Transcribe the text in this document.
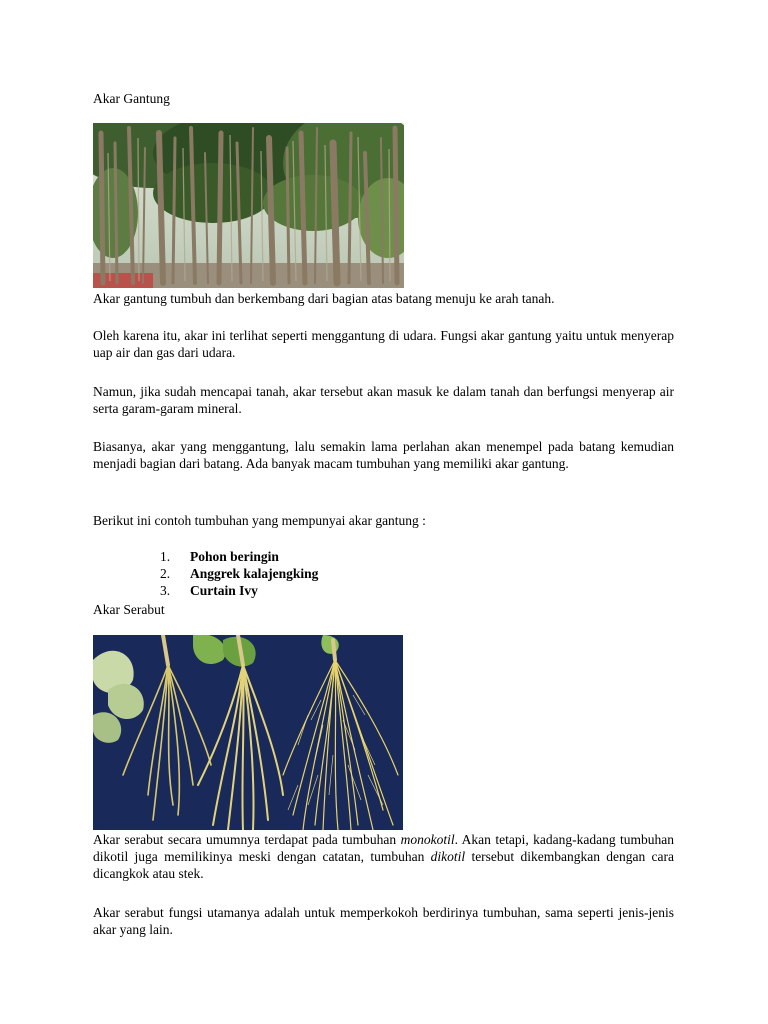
Akar Gantung
Akar gantung tumbuh dan berkembang dari bagian atas batang menuju ke arah tanah.
Oleh karena itu, akar ini terlihat seperti menggantung di udara. Fungsi akar gantung yaitu untuk menyerap uap air dan gas dari udara.
Namun, jika sudah mencapai tanah, akar tersebut akan masuk ke dalam tanah dan berfungsi menyerap air serta garam-garam mineral.
Biasanya, akar yang menggantung, lalu semakin lama perlahan akan menempel pada batang kemudian menjadi bagian dari batang. Ada banyak macam tumbuhan yang memiliki akar gantung.
Berikut ini contoh tumbuhan yang mempunyai akar gantung :
1. Pohon beringin
2. Anggrek kalajengking
3. Curtain Ivy
Akar Serabut
Akar serabut secara umumnya terdapat pada tumbuhan monokotil. Akan tetapi, kadang-kadang tumbuhan dikotil juga memilikinya meski dengan catatan, tumbuhan dikotil tersebut dikembangkan dengan cara dicangkok atau stek.
Akar serabut fungsi utamanya adalah untuk memperkokoh berdirinya tumbuhan, sama seperti jenis-jenis akar yang lain.
